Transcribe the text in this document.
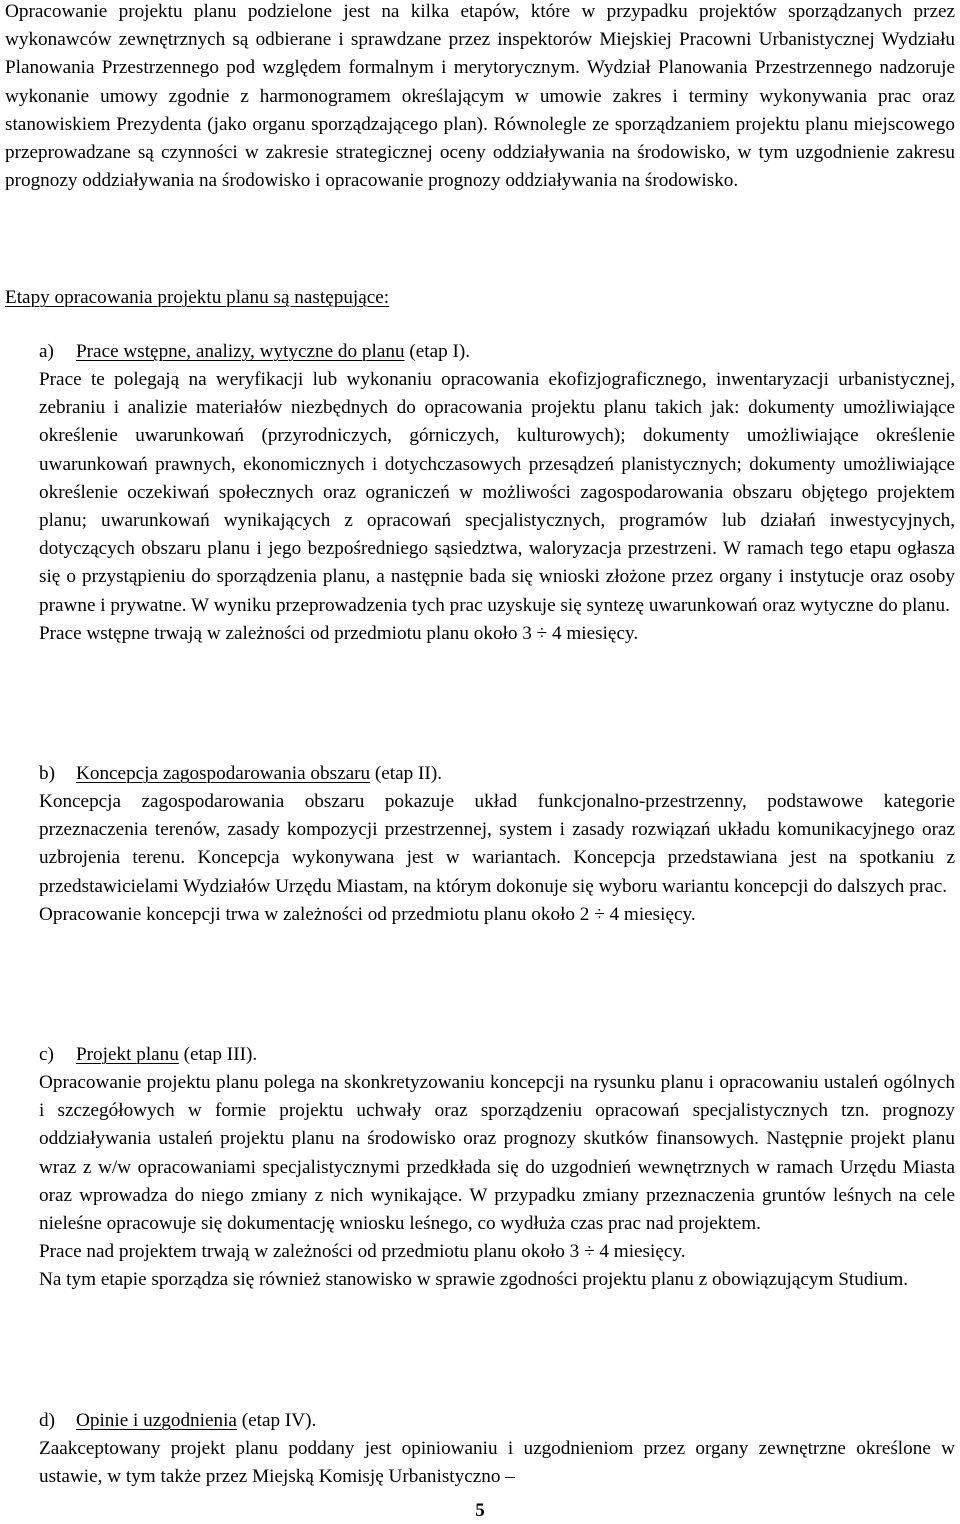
Opracowanie projektu planu podzielone jest na kilka etapów, które w przypadku projektów sporządzanych przez wykonawców zewnętrznych są odbierane i sprawdzane przez inspektorów Miejskiej Pracowni Urbanistycznej Wydziału Planowania Przestrzennego pod względem formalnym i merytorycznym. Wydział Planowania Przestrzennego nadzoruje wykonanie umowy zgodnie z harmonogramem określającym w umowie zakres i terminy wykonywania prac oraz stanowiskiem Prezydenta (jako organu sporządzającego plan). Równolegle ze sporządzaniem projektu planu miejscowego przeprowadzane są czynności w zakresie strategicznej oceny oddziaływania na środowisko, w tym uzgodnienie zakresu prognozy oddziaływania na środowisko i opracowanie prognozy oddziaływania na środowisko.

Etapy opracowania projektu planu są następujące:

a) Prace wstępne, analizy, wytyczne do planu (etap I).

Prace te polegają na weryfikacji lub wykonaniu opracowania ekofizjograficznego, inwentaryzacji urbanistycznej, zebraniu i analizie materiałów niezbędnych do opracowania projektu planu takich jak: dokumenty umożliwiające określenie uwarunkowań (przyrodniczych, górniczych, kulturowych); dokumenty umożliwiające określenie uwarunkowań prawnych, ekonomicznych i dotychczasowych przesądzeń planistycznych; dokumenty umożliwiające określenie oczekiwań społecznych oraz ograniczeń w możliwości zagospodarowania obszaru objętego projektem planu; uwarunkowań wynikających z opracowań specjalistycznych, programów lub działań inwestycyjnych, dotyczących obszaru planu i jego bezpośredniego sąsiedztwa, waloryzacja przestrzeni. W ramach tego etapu ogłasza się o przystąpieniu do sporządzenia planu, a następnie bada się wnioski złożone przez organy i instytucje oraz osoby prawne i prywatne. W wyniku przeprowadzenia tych prac uzyskuje się syntezę uwarunkowań oraz wytyczne do planu.

Prace wstępne trwają w zależności od przedmiotu planu około 3 ÷ 4 miesięcy.

b) Koncepcja zagospodarowania obszaru (etap II).

Koncepcja zagospodarowania obszaru pokazuje układ funkcjonalno-przestrzenny, podstawowe kategorie przeznaczenia terenów, zasady kompozycji przestrzennej, system i zasady rozwiązań układu komunikacyjnego oraz uzbrojenia terenu. Koncepcja wykonywana jest w wariantach. Koncepcja przedstawiana jest na spotkaniu z przedstawicielami Wydziałów Urzędu Miastam, na którym dokonuje się wyboru wariantu koncepcji do dalszych prac.

Opracowanie koncepcji trwa w zależności od przedmiotu planu około 2 ÷ 4 miesięcy.

c) Projekt planu (etap III).

Opracowanie projektu planu polega na skonkretyzowaniu koncepcji na rysunku planu i opracowaniu ustaleń ogólnych i szczegółowych w formie projektu uchwały oraz sporządzeniu opracowań specjalistycznych tzn. prognozy oddziaływania ustaleń projektu planu na środowisko oraz prognozy skutków finansowych. Następnie projekt planu wraz z w/w opracowaniami specjalistycznymi przedkłada się do uzgodnień wewnętrznych w ramach Urzędu Miasta oraz wprowadza do niego zmiany z nich wynikające. W przypadku zmiany przeznaczenia gruntów leśnych na cele nieleśne opracowuje się dokumentację wniosku leśnego, co wydłuża czas prac nad projektem.

Prace nad projektem trwają w zależności od przedmiotu planu około 3 ÷ 4 miesięcy.

Na tym etapie sporządza się również stanowisko w sprawie zgodności projektu planu z obowiązującym Studium.

d) Opinie i uzgodnienia (etap IV).

Zaakceptowany projekt planu poddany jest opiniowaniu i uzgodnieniom przez organy zewnętrzne określone w ustawie, w tym także przez Miejską Komisję Urbanistyczno –

5
